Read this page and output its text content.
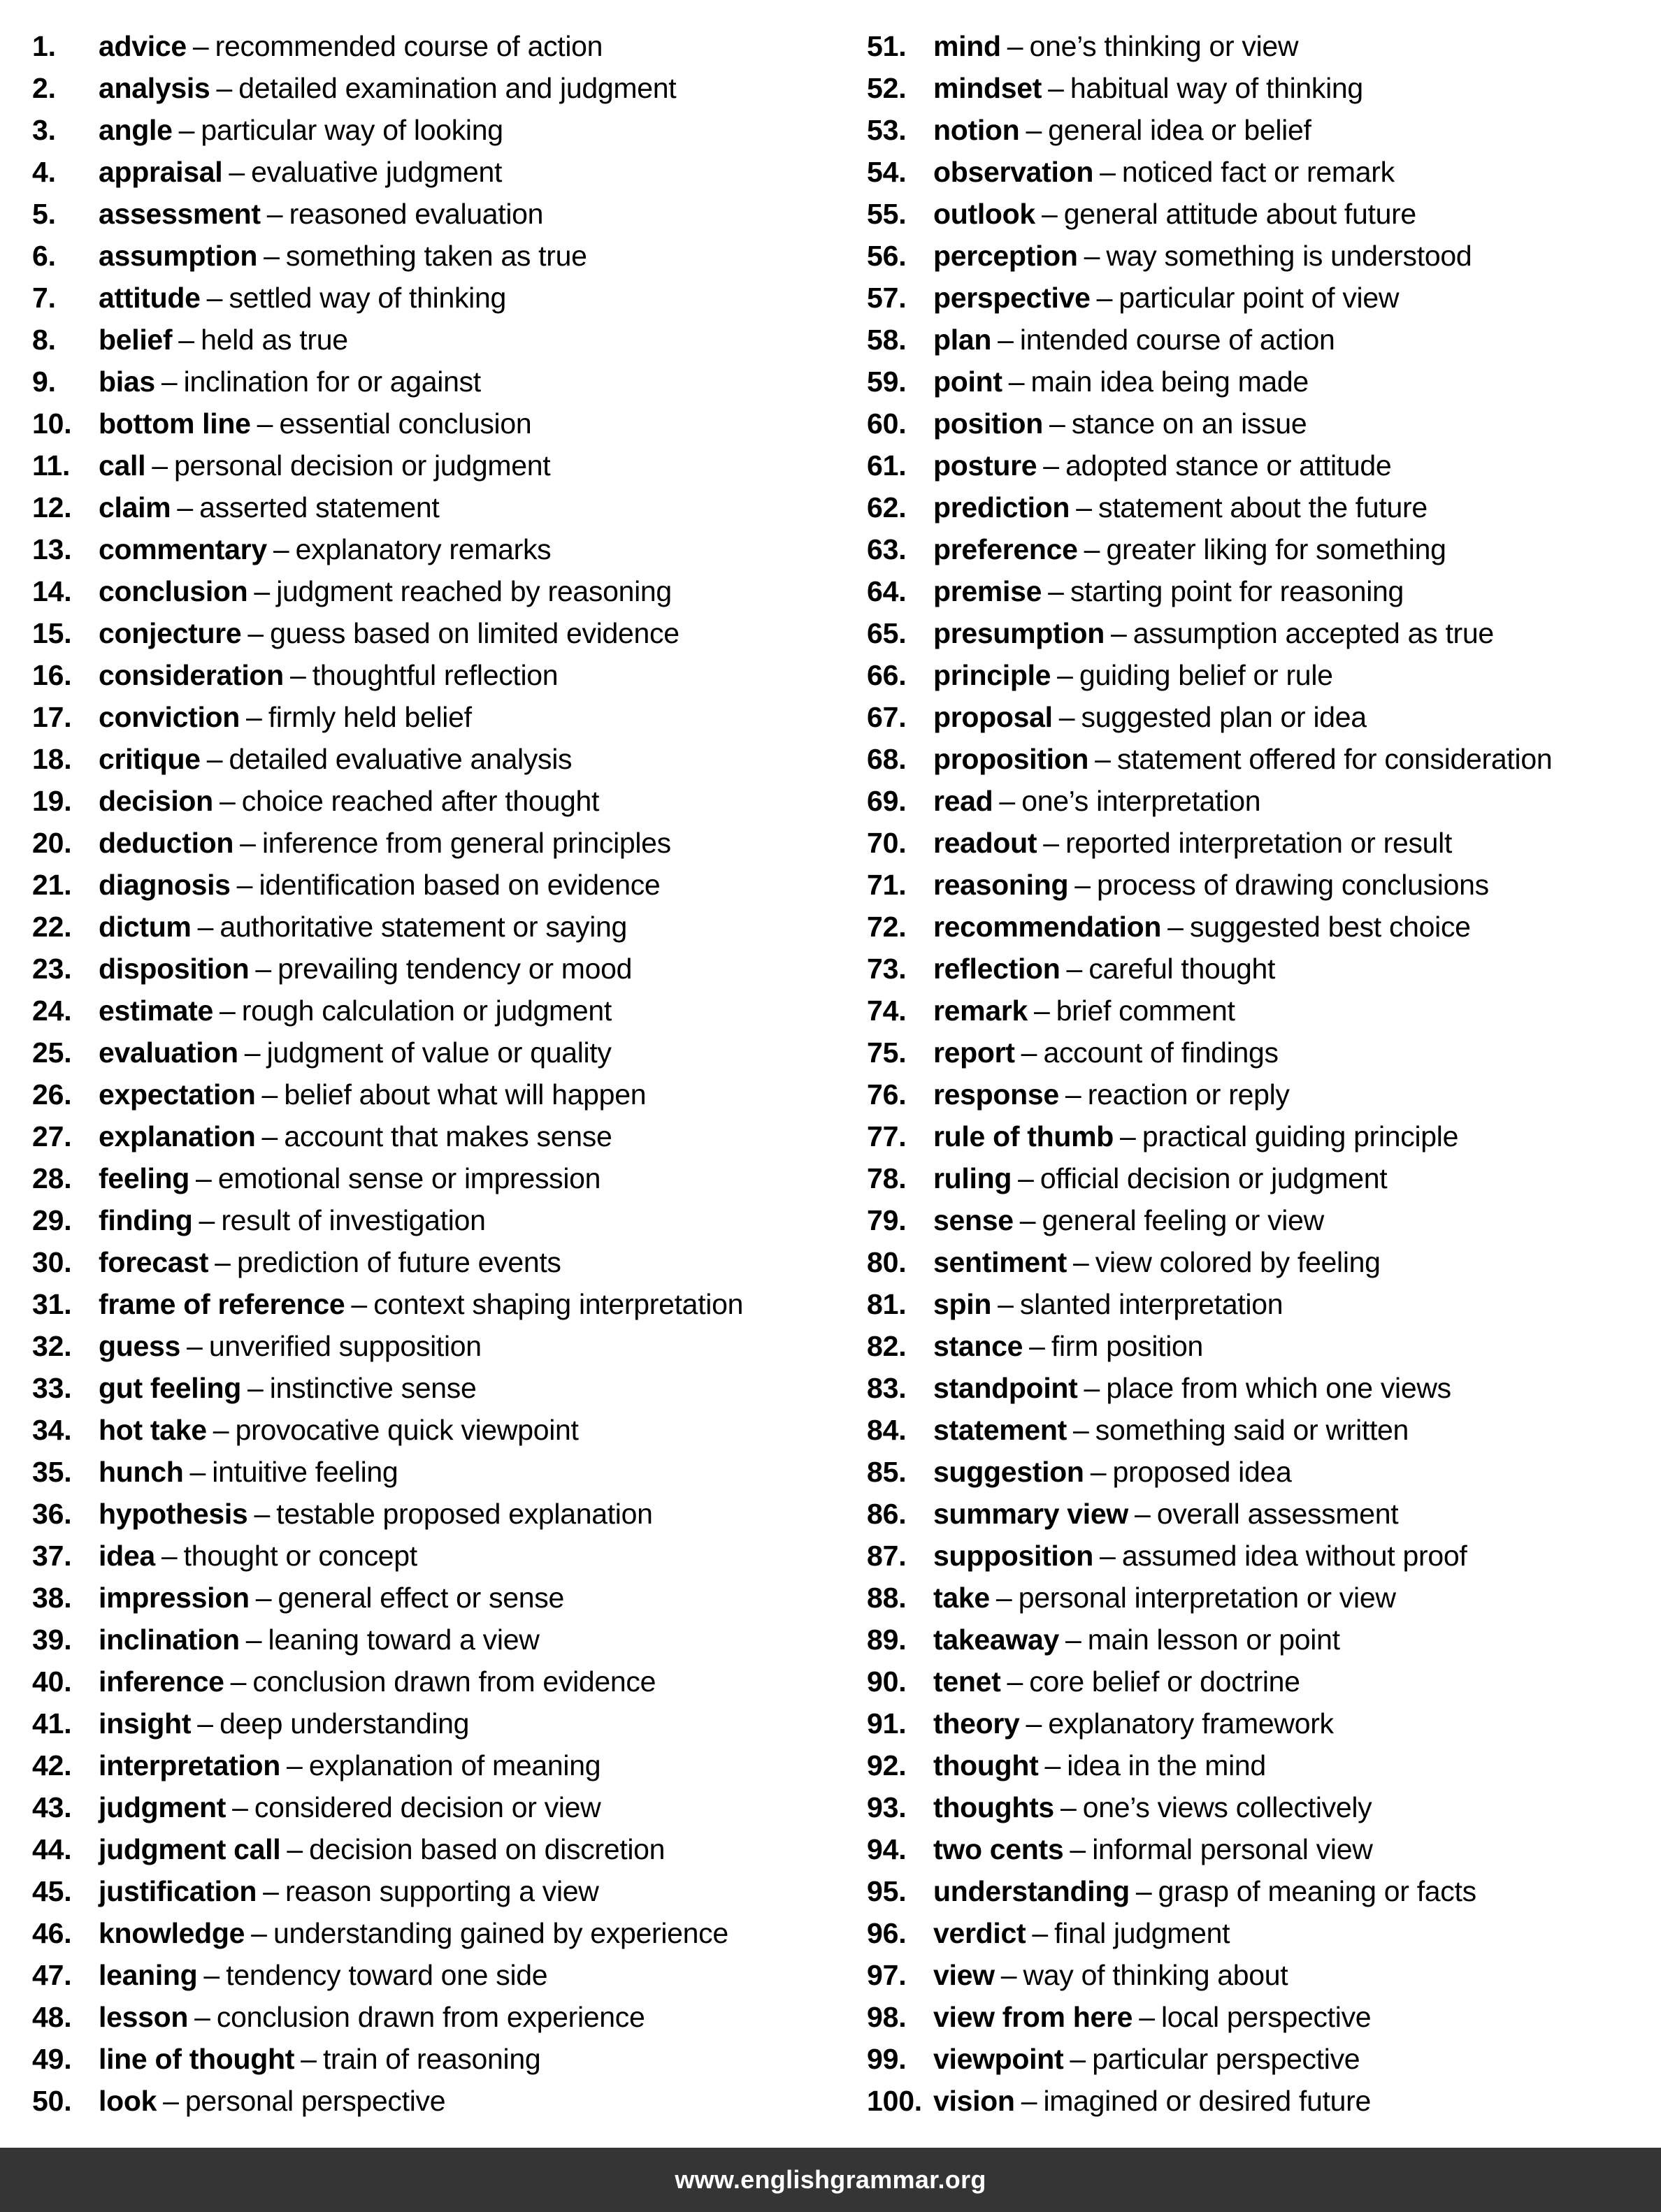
1.	advice – recommended course of action
2.	analysis – detailed examination and judgment
3.	angle – particular way of looking
4.	appraisal – evaluative judgment
5.	assessment – reasoned evaluation
6.	assumption – something taken as true
7.	attitude – settled way of thinking
8.	belief – held as true
9.	bias – inclination for or against
10. bottom line – essential conclusion
11. call – personal decision or judgment
12. claim – asserted statement
13. commentary – explanatory remarks
14. conclusion – judgment reached by reasoning
15. conjecture – guess based on limited evidence
16. consideration – thoughtful reflection
17. conviction – firmly held belief
18. critique – detailed evaluative analysis
19. decision – choice reached after thought
20. deduction – inference from general principles
21. diagnosis – identification based on evidence
22. dictum – authoritative statement or saying
23. disposition – prevailing tendency or mood
24. estimate – rough calculation or judgment
25. evaluation – judgment of value or quality
26. expectation – belief about what will happen
27. explanation – account that makes sense
28. feeling – emotional sense or impression
29. finding – result of investigation
30. forecast – prediction of future events
31. frame of reference – context shaping interpretation
32. guess – unverified supposition
33. gut feeling – instinctive sense
34. hot take – provocative quick viewpoint
35. hunch – intuitive feeling
36. hypothesis – testable proposed explanation
37. idea – thought or concept
38. impression – general effect or sense
39. inclination – leaning toward a view
40. inference – conclusion drawn from evidence
41. insight – deep understanding
42. interpretation – explanation of meaning
43. judgment – considered decision or view
44. judgment call – decision based on discretion
45. justification – reason supporting a view
46. knowledge – understanding gained by experience
47. leaning – tendency toward one side
48. lesson – conclusion drawn from experience
49. line of thought – train of reasoning
50. look – personal perspective
51. mind – one’s thinking or view
52. mindset – habitual way of thinking
53. notion – general idea or belief
54. observation – noticed fact or remark
55. outlook – general attitude about future
56. perception – way something is understood
57. perspective – particular point of view
58. plan – intended course of action
59. point – main idea being made
60. position – stance on an issue
61. posture – adopted stance or attitude
62. prediction – statement about the future
63. preference – greater liking for something
64. premise – starting point for reasoning
65. presumption – assumption accepted as true
66. principle – guiding belief or rule
67. proposal – suggested plan or idea
68. proposition – statement offered for consideration
69. read – one’s interpretation
70. readout – reported interpretation or result
71. reasoning – process of drawing conclusions
72. recommendation – suggested best choice
73. reflection – careful thought
74. remark – brief comment
75. report – account of findings
76. response – reaction or reply
77. rule of thumb – practical guiding principle
78. ruling – official decision or judgment
79. sense – general feeling or view
80. sentiment – view colored by feeling
81. spin – slanted interpretation
82. stance – firm position
83. standpoint – place from which one views
84. statement – something said or written
85. suggestion – proposed idea
86. summary view – overall assessment
87. supposition – assumed idea without proof
88. take – personal interpretation or view
89. takeaway – main lesson or point
90. tenet – core belief or doctrine
91. theory – explanatory framework
92. thought – idea in the mind
93. thoughts – one’s views collectively
94. two cents – informal personal view
95. understanding – grasp of meaning or facts
96. verdict – final judgment
97. view – way of thinking about
98. view from here – local perspective
99. viewpoint – particular perspective
100. vision – imagined or desired future
www.englishgrammar.org
